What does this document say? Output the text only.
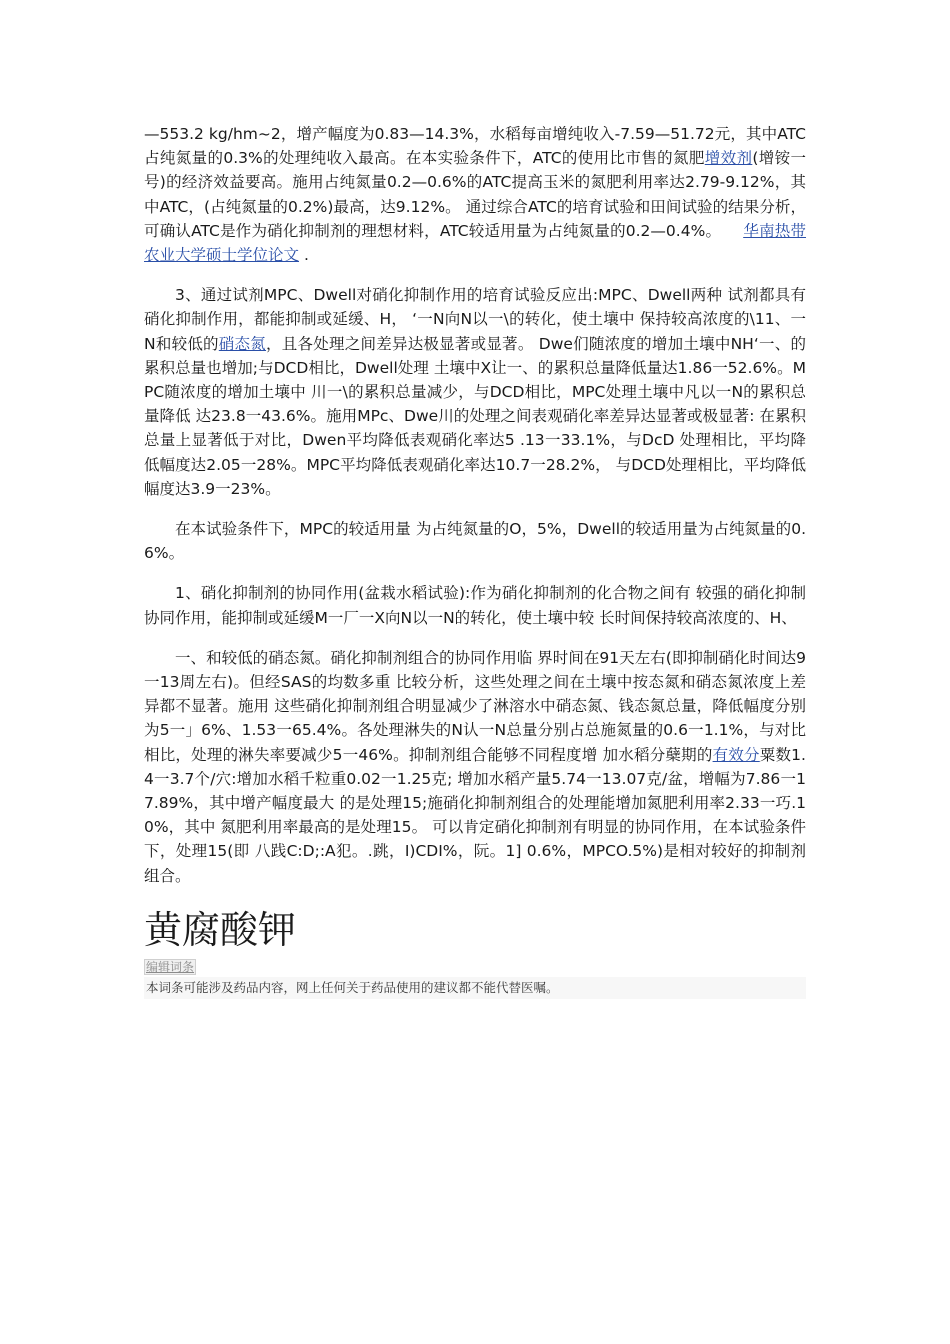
—553.2 kg/hm~2，增产幅度为0.83—14.3%，水稻每亩增纯收入-7.59—51.72元，其中ATC占纯氮量的0.3%的处理纯收入最高。在本实验条件下，ATC的使用比市售的氮肥增效剂(增铵一号)的经济效益要高。施用占纯氮量0.2—0.6%的ATC提高玉米的氮肥利用率达2.79-9.12%，其中ATC，(占纯氮量的0.2%)最高，达9.12%。 通过综合ATC的培育试验和田间试验的结果分析，可确认ATC是作为硝化抑制剂的理想材料，ATC较适用量为占纯氮量的0.2—0.4%。 华南热带农业大学硕士学位论文 .

3、通过试剂MPC、Dwell对硝化抑制作用的培育试验反应出:MPC、Dwell两种 试剂都具有硝化抑制作用，都能抑制或延缓、H， ‘一N向N以一\的转化，使土壤中 保持较高浓度的\11、一N和较低的硝态氮，且各处理之间差异达极显著或显著。 Dwe们随浓度的增加土壤中NH‘一、的累积总量也增加;与DCD相比，Dwell处理 土壤中X让一、的累积总量降低量达1.86一52.6%。MPC随浓度的增加土壤中 川一\的累积总量减少，与DCD相比，MPC处理土壤中凡以一N的累积总量降低 达23.8一43.6%。施用MPc、Dwe川的处理之间表观硝化率差异达显著或极显著: 在累积总量上显著低于对比，Dwen平均降低表观硝化率达5 .13一33.1%，与DcD 处理相比，平均降低幅度达2.05一28%。MPC平均降低表观硝化率达10.7一28.2%， 与DCD处理相比，平均降低幅度达3.9一23%。

在本试验条件下，MPC的较适用量 为占纯氮量的O，5%，Dwell的较适用量为占纯氮量的0.6%。

1、硝化抑制剂的协同作用(盆栽水稻试验):作为硝化抑制剂的化合物之间有 较强的硝化抑制协同作用，能抑制或延缓M一厂一X向N以一N的转化，使土壤中较 长时间保持较高浓度的、H、

一、和较低的硝态氮。硝化抑制剂组合的协同作用临 界时间在91天左右(即抑制硝化时间达9一13周左右)。但经SAS的均数多重 比较分析，这些处理之间在土壤中按态氮和硝态氮浓度上差异都不显著。施用 这些硝化抑制剂组合明显减少了淋溶水中硝态氮、钱态氮总量，降低幅度分别 为5一」6%、1.53一65.4%。各处理淋失的N认一N总量分别占总施氮量的0.6一1.1%，与对比相比，处理的淋失率要减少5一46%。抑制剂组合能够不同程度增 加水稻分蘖期的有效分粟数1.4一3.7个/穴:增加水稻千粒重0.02一1.25克; 增加水稻产量5.74一13.07克/盆，增幅为7.86一17.89%，其中增产幅度最大 的是处理15;施硝化抑制剂组合的处理能增加氮肥利用率2.33一巧.10%，其中 氮肥利用率最高的是处理15。 可以肯定硝化抑制剂有明显的协同作用，在本试验条件下，处理15(即 八践C:D;:A犯。.跳，I)CDI%，阮。1] 0.6%，MPCO.5%)是相对较好的抑制剂组合。

黄腐酸钾
编辑词条
本词条可能涉及药品内容，网上任何关于药品使用的建议都不能代替医嘱。
